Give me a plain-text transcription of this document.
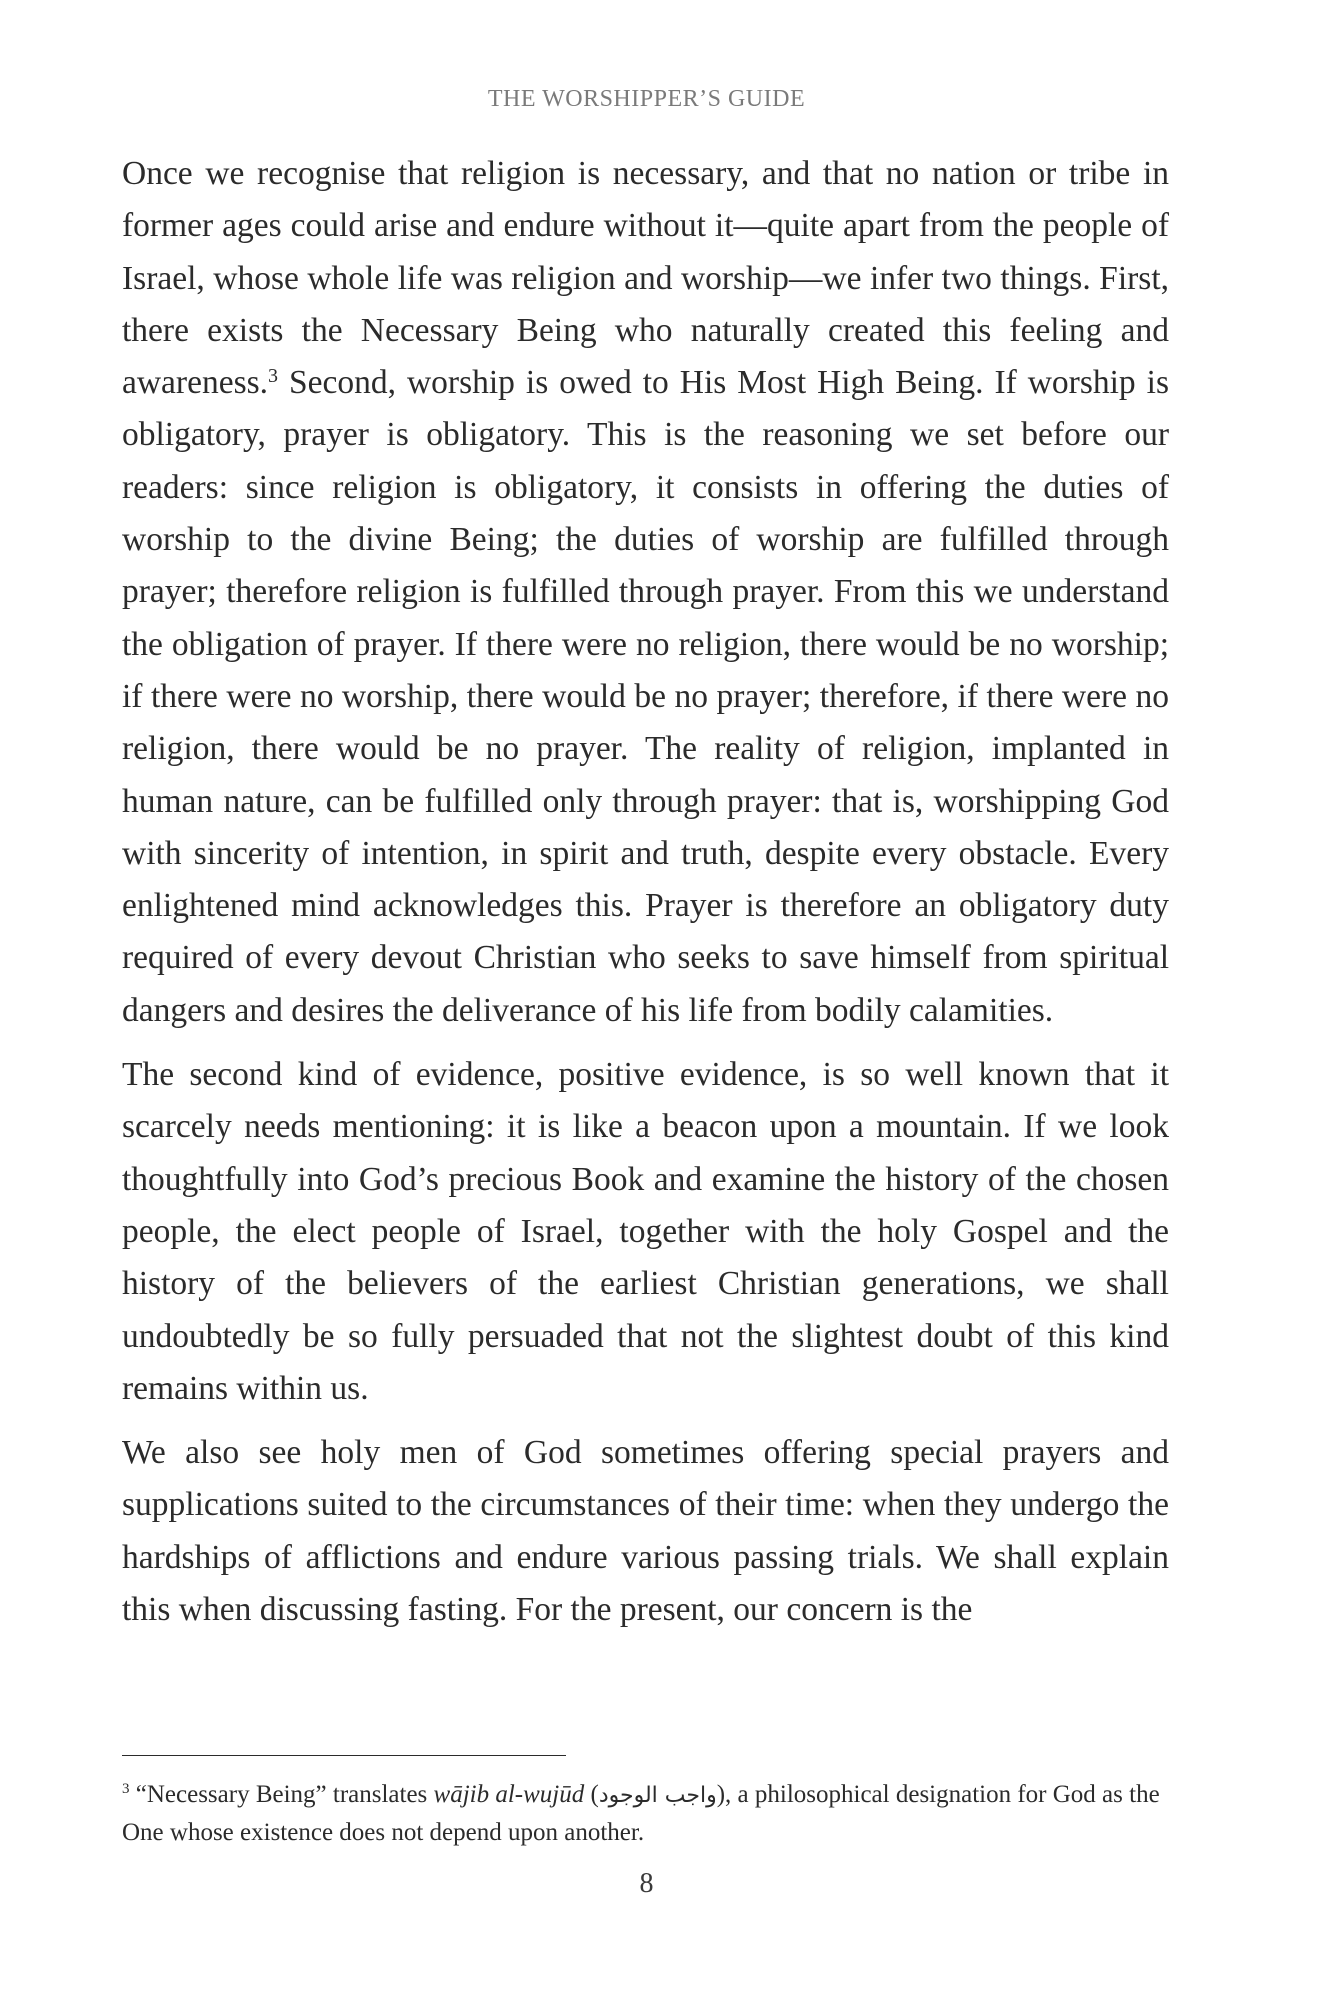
THE WORSHIPPER’S GUIDE

Once we recognise that religion is necessary, and that no nation or tribe in former ages could arise and endure without it—quite apart from the people of Israel, whose whole life was religion and worship—we infer two things. First, there exists the Necessary Being who naturally created this feeling and awareness.$^3$ Second, worship is owed to His Most High Being. If worship is obligatory, prayer is obligatory. This is the reasoning we set before our readers: since religion is obligatory, it consists in offering the duties of worship to the divine Being; the duties of worship are fulfilled through prayer; therefore religion is fulfilled through prayer. From this we understand the obligation of prayer. If there were no religion, there would be no worship; if there were no worship, there would be no prayer; therefore, if there were no religion, there would be no prayer. The reality of religion, implanted in human nature, can be fulfilled only through prayer: that is, worshipping God with sincerity of intention, in spirit and truth, despite every obstacle. Every enlightened mind acknowledges this. Prayer is therefore an obligatory duty required of every devout Christian who seeks to save himself from spiritual dangers and desires the deliverance of his life from bodily calamities.

The second kind of evidence, positive evidence, is so well known that it scarcely needs mentioning: it is like a beacon upon a mountain. If we look thoughtfully into God’s precious Book and examine the history of the chosen people, the elect people of Israel, together with the holy Gospel and the history of the believers of the earliest Christian generations, we shall undoubtedly be so fully persuaded that not the slightest doubt of this kind remains within us.

We also see holy men of God sometimes offering special prayers and supplications suited to the circumstances of their time: when they undergo the hardships of afflictions and endure various passing trials. We shall explain this when discussing fasting. For the present, our concern is the

$^3$ “Necessary Being” translates wājib al-wujūd (واجب الوجود), a philosophical designation for God as the One whose existence does not depend upon another.
8
